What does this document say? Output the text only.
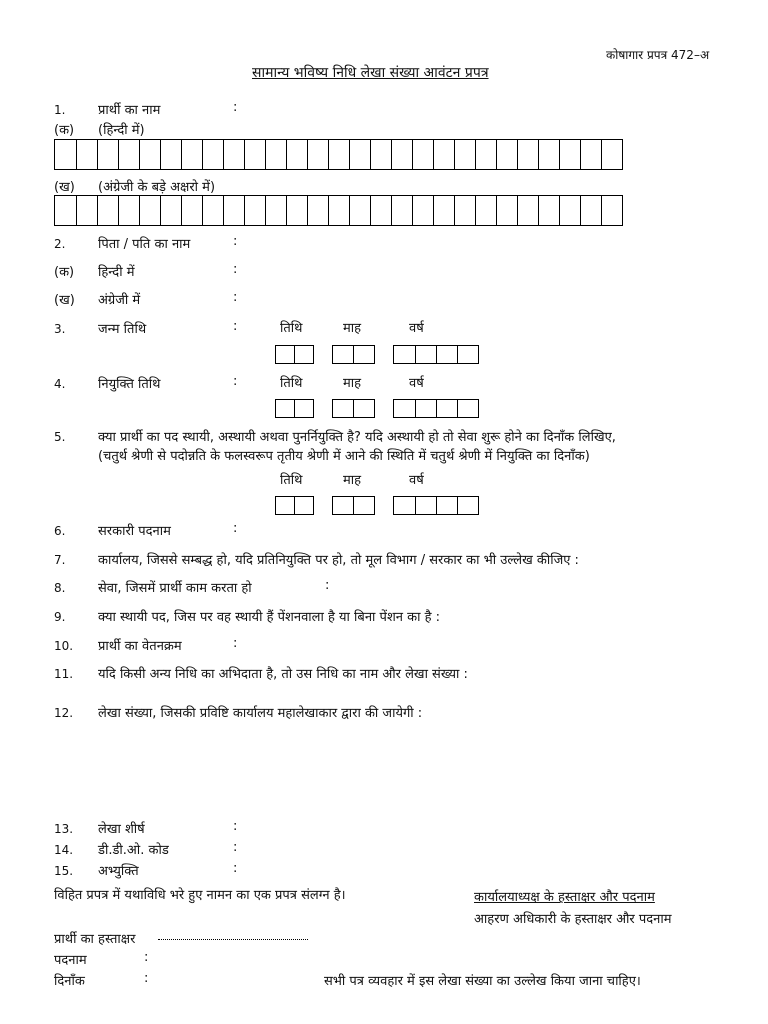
कोषागार प्रपत्र 472–अ
सामान्य भविष्य निधि लेखा संख्या आवंटन प्रपत्र
1.	प्रार्थी का नाम	:
(क) (हिन्दी में)
(ख) (अंग्रेजी के बड़े अक्षरो में)
2.	पिता / पति का नाम	:
(क) हिन्दी में	:
(ख) अंग्रेजी में	:
3.	जन्म तिथि	:	तिथि	माह	वर्ष
4.	नियुक्ति तिथि	:	तिथि	माह	वर्ष
5.	क्या प्रार्थी का पद स्थायी, अस्थायी अथवा पुनर्नियुक्ति है? यदि अस्थायी हो तो सेवा शुरू होने का दिनाँक लिखिए,
(चतुर्थ श्रेणी से पदोन्नति के फलस्वरूप तृतीय श्रेणी में आने की स्थिति में चतुर्थ श्रेणी में नियुक्ति का दिनाँक)
तिथि	माह	वर्ष
6.	सरकारी पदनाम	:
7.	कार्यालय, जिससे सम्बद्ध हो, यदि प्रतिनियुक्ति पर हो, तो मूल विभाग / सरकार का भी उल्लेख कीजिए :
8.	सेवा, जिसमें प्रार्थी काम करता हो	:
9.	क्या स्थायी पद, जिस पर वह स्थायी हैं पेंशनवाला है या बिना पेंशन का है :
10. प्रार्थी का वेतनक्रम	:
11. यदि किसी अन्य निधि का अभिदाता है, तो उस निधि का नाम और लेखा संख्या :
12. लेखा संख्या, जिसकी प्रविष्टि कार्यालय महालेखाकार द्वारा की जायेगी :
13. लेखा शीर्ष	:
14. डी.डी.ओ. कोड	:
15. अभ्युक्ति	:
विहित प्रपत्र में यथाविधि भरे हुए नामन का एक प्रपत्र संलग्न है।	कार्यालयाध्यक्ष के हस्ताक्षर और पदनाम
आहरण अधिकारी के हस्ताक्षर और पदनाम
प्रार्थी का हस्ताक्षर
पदनाम	:
दिनाँक	:	सभी पत्र व्यवहार में इस लेखा संख्या का उल्लेख किया जाना चाहिए।
